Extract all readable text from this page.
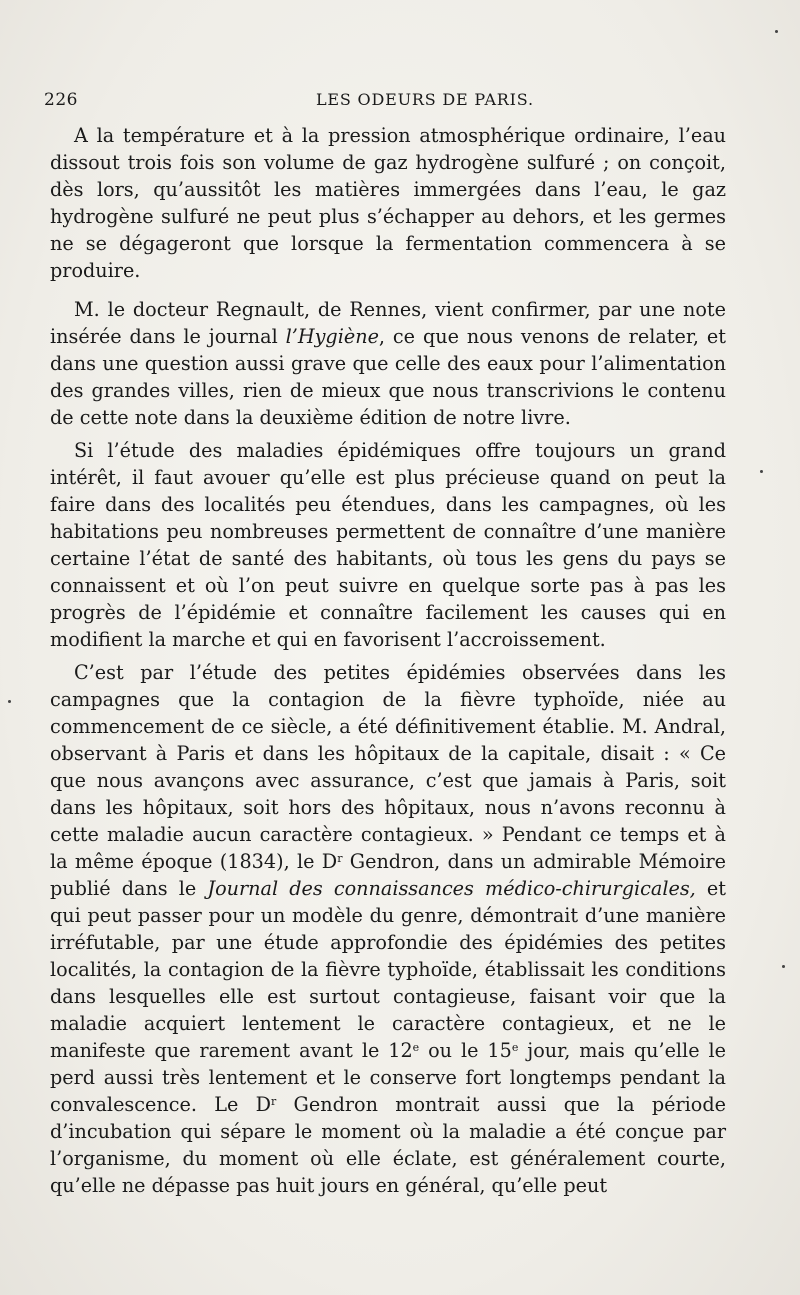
226	LES ODEURS DE PARIS.

A la température et à la pression atmosphérique ordinaire, l’eau dissout trois fois son volume de gaz hydrogène sulfuré ; on conçoit, dès lors, qu’aussitôt les matières immergées dans l’eau, le gaz hydrogène sulfuré ne peut plus s’échapper au dehors, et les germes ne se dégageront que lorsque la fermentation commencera à se produire.

M. le docteur Regnault, de Rennes, vient confirmer, par une note insérée dans le journal l’Hygiène, ce que nous venons de relater, et dans une question aussi grave que celle des eaux pour l’alimentation des grandes villes, rien de mieux que nous transcrivions le contenu de cette note dans la deuxième édition de notre livre.

Si l’étude des maladies épidémiques offre toujours un grand intérêt, il faut avouer qu’elle est plus précieuse quand on peut la faire dans des localités peu étendues, dans les campagnes, où les habitations peu nombreuses permettent de connaître d’une manière certaine l’état de santé des habitants, où tous les gens du pays se connaissent et où l’on peut suivre en quelque sorte pas à pas les progrès de l’épidémie et connaître facilement les causes qui en modifient la marche et qui en favorisent l’accroissement.

C’est par l’étude des petites épidémies observées dans les campagnes que la contagion de la fièvre typhoïde, niée au commencement de ce siècle, a été définitivement établie. M. Andral, observant à Paris et dans les hôpitaux de la capitale, disait : « Ce que nous avançons avec assurance, c’est que jamais à Paris, soit dans les hôpitaux, soit hors des hôpitaux, nous n’avons reconnu à cette maladie aucun caractère contagieux. » Pendant ce temps et à la même époque (1834), le $D^r$ Gendron, dans un admirable Mémoire publié dans le Journal des connaissances médico-chirurgicales, et qui peut passer pour un modèle du genre, démontrait d’une manière irréfutable, par une étude approfondie des épidémies des petites localités, la contagion de la fièvre typhoïde, établissait les conditions dans lesquelles elle est surtout contagieuse, faisant voir que la maladie acquiert lentement le caractère contagieux, et ne le manifeste que rarement avant le 12e ou le 15e jour, mais qu’elle le perd aussi très lentement et le conserve fort longtemps pendant la convalescence. Le $D^r$ Gendron montrait aussi que la période d’incubation qui sépare le moment où la maladie a été conçue par l’organisme, du moment où elle éclate, est généralement courte, qu’elle ne dépasse pas huit jours en général, qu’elle peut
